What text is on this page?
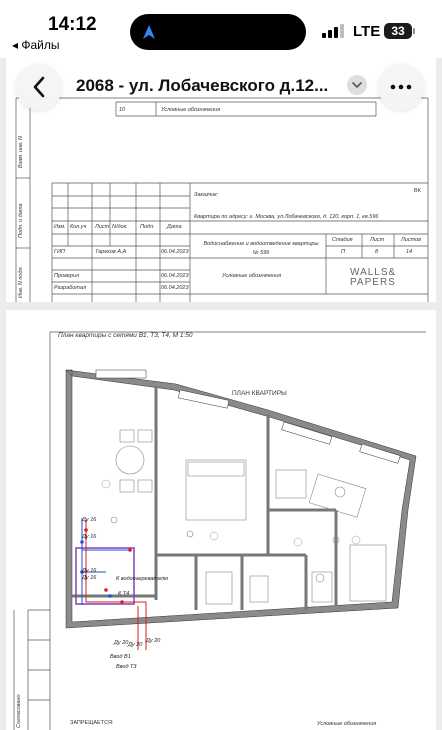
14:12
◂ Файлы
LTE 33
10	Условные обозначения
Взам. инв. N
Подп. и дата
Инв. N подл.
Заказчик:
ВК
Квартира по адресу: г. Москва, ул.Лобачевского, д. 120, корп. 1, кв.596
Изм. Кол.уч Лист N/док. Подп. Дата
ГИП	Тарехов А.А	06.04.2023
Проверил	06.04.2023
Разработал	06.04.2023
Водоснабжение и водоотведение квартиры № 596
Стадия	Лист	Листов
П	8	14
Условные обозначения	WALLS&
PAPERS
План квартиры с сетями В1, Т3, Т4, М 1:50
ПЛАН КВАРТИРЫ
Ду 16
Ду 16
Ду 16
Ду 16	К водонагревателю
К Т4
Ду 20	Ду 20
Ду 20
Ввод В1
Ввод Т3
Согласовано	ЗАПРЕЩАЕТСЯ:	Условные обозначения
2068 - ул. Лобачевского д.12...
